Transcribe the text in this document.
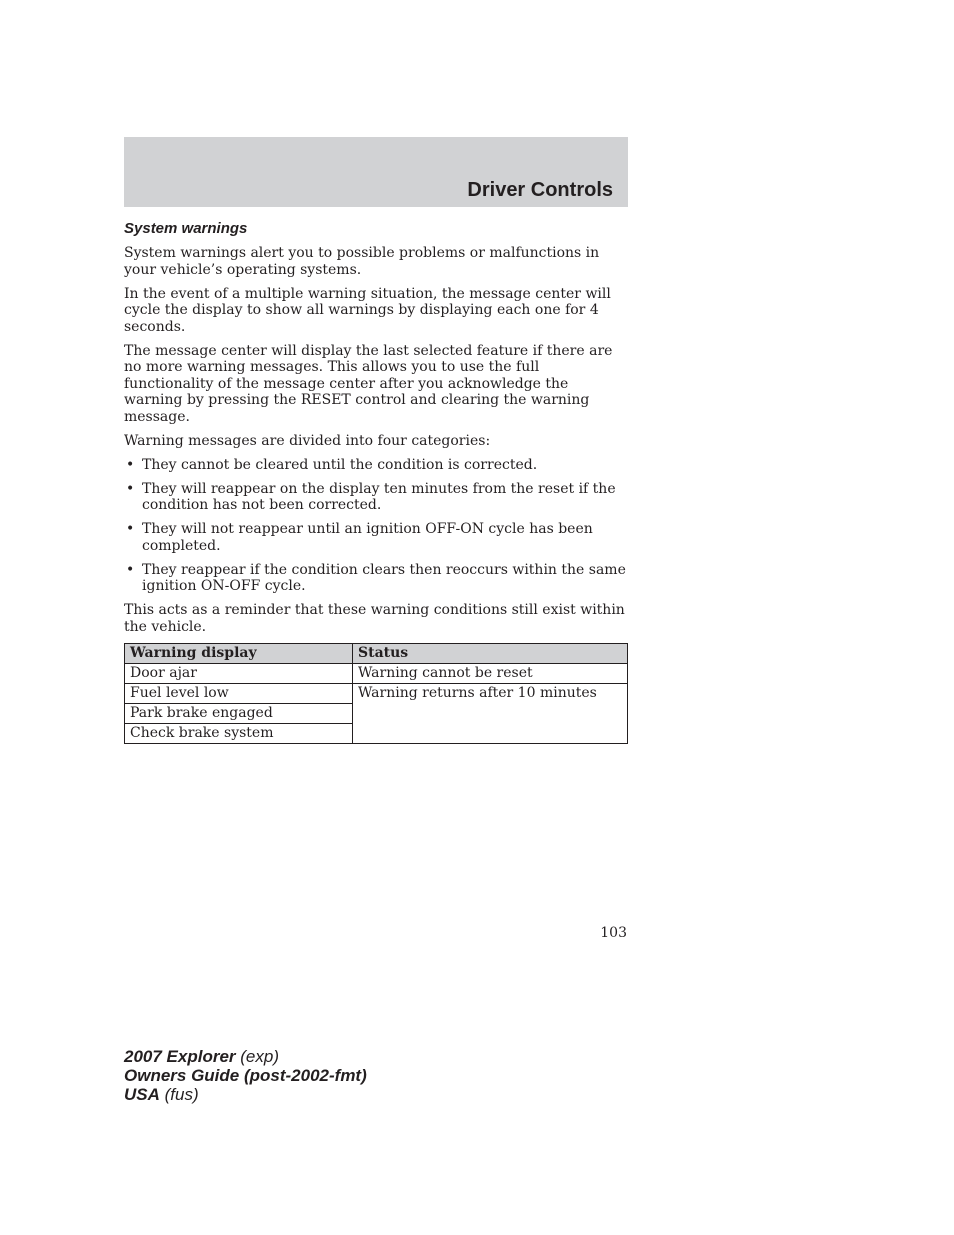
Driver Controls
System warnings

System warnings alert you to possible problems or malfunctions in your vehicle’s operating systems.

In the event of a multiple warning situation, the message center will cycle the display to show all warnings by displaying each one for 4 seconds.

The message center will display the last selected feature if there are no more warning messages. This allows you to use the full functionality of the message center after you acknowledge the warning by pressing the RESET control and clearing the warning message.

Warning messages are divided into four categories:

• They cannot be cleared until the condition is corrected.
• They will reappear on the display ten minutes from the reset if the condition has not been corrected.
• They will not reappear until an ignition OFF-ON cycle has been completed.
• They reappear if the condition clears then reoccurs within the same ignition ON-OFF cycle.

This acts as a reminder that these warning conditions still exist within the vehicle.

Warning display	Status
Door ajar	Warning cannot be reset
Fuel level low	Warning returns after 10 minutes
Park brake engaged	
Check brake system	
103
2007 Explorer (exp)
Owners Guide (post-2002-fmt)
USA (fus)
